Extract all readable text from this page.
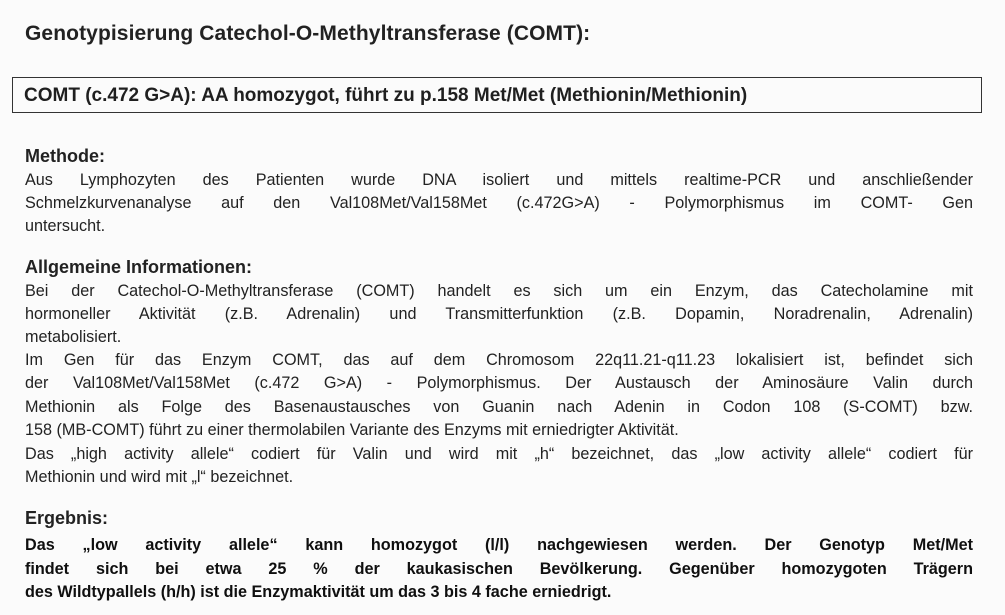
Genotypisierung Catechol-O-Methyltransferase (COMT):
COMT (c.472 G>A): AA homozygot, führt zu p.158 Met/Met (Methionin/Methionin)
Methode:
Aus Lymphozyten des Patienten wurde DNA isoliert und mittels realtime-PCR und anschließender
Schmelzkurvenanalyse auf den Val108Met/Val158Met (c.472G>A) - Polymorphismus im COMT- Gen
untersucht.
Allgemeine Informationen:
Bei der Catechol-O-Methyltransferase (COMT) handelt es sich um ein Enzym, das Catecholamine mit
hormoneller Aktivität (z.B. Adrenalin) und Transmitterfunktion (z.B. Dopamin, Noradrenalin, Adrenalin)
metabolisiert.
Im Gen für das Enzym COMT, das auf dem Chromosom 22q11.21-q11.23 lokalisiert ist, befindet sich
der Val108Met/Val158Met (c.472 G>A) - Polymorphismus. Der Austausch der Aminosäure Valin durch
Methionin als Folge des Basenaustausches von Guanin nach Adenin in Codon 108 (S-COMT) bzw.
158 (MB-COMT) führt zu einer thermolabilen Variante des Enzyms mit erniedrigter Aktivität.
Das „high activity allele“ codiert für Valin und wird mit „h“ bezeichnet, das „low activity allele“ codiert für
Methionin und wird mit „l“ bezeichnet.
Ergebnis:
Das „low activity allele“ kann homozygot (l/l) nachgewiesen werden. Der Genotyp Met/Met
findet sich bei etwa 25 % der kaukasischen Bevölkerung. Gegenüber homozygoten Trägern
des Wildtypallels (h/h) ist die Enzymaktivität um das 3 bis 4 fache erniedrigt.
